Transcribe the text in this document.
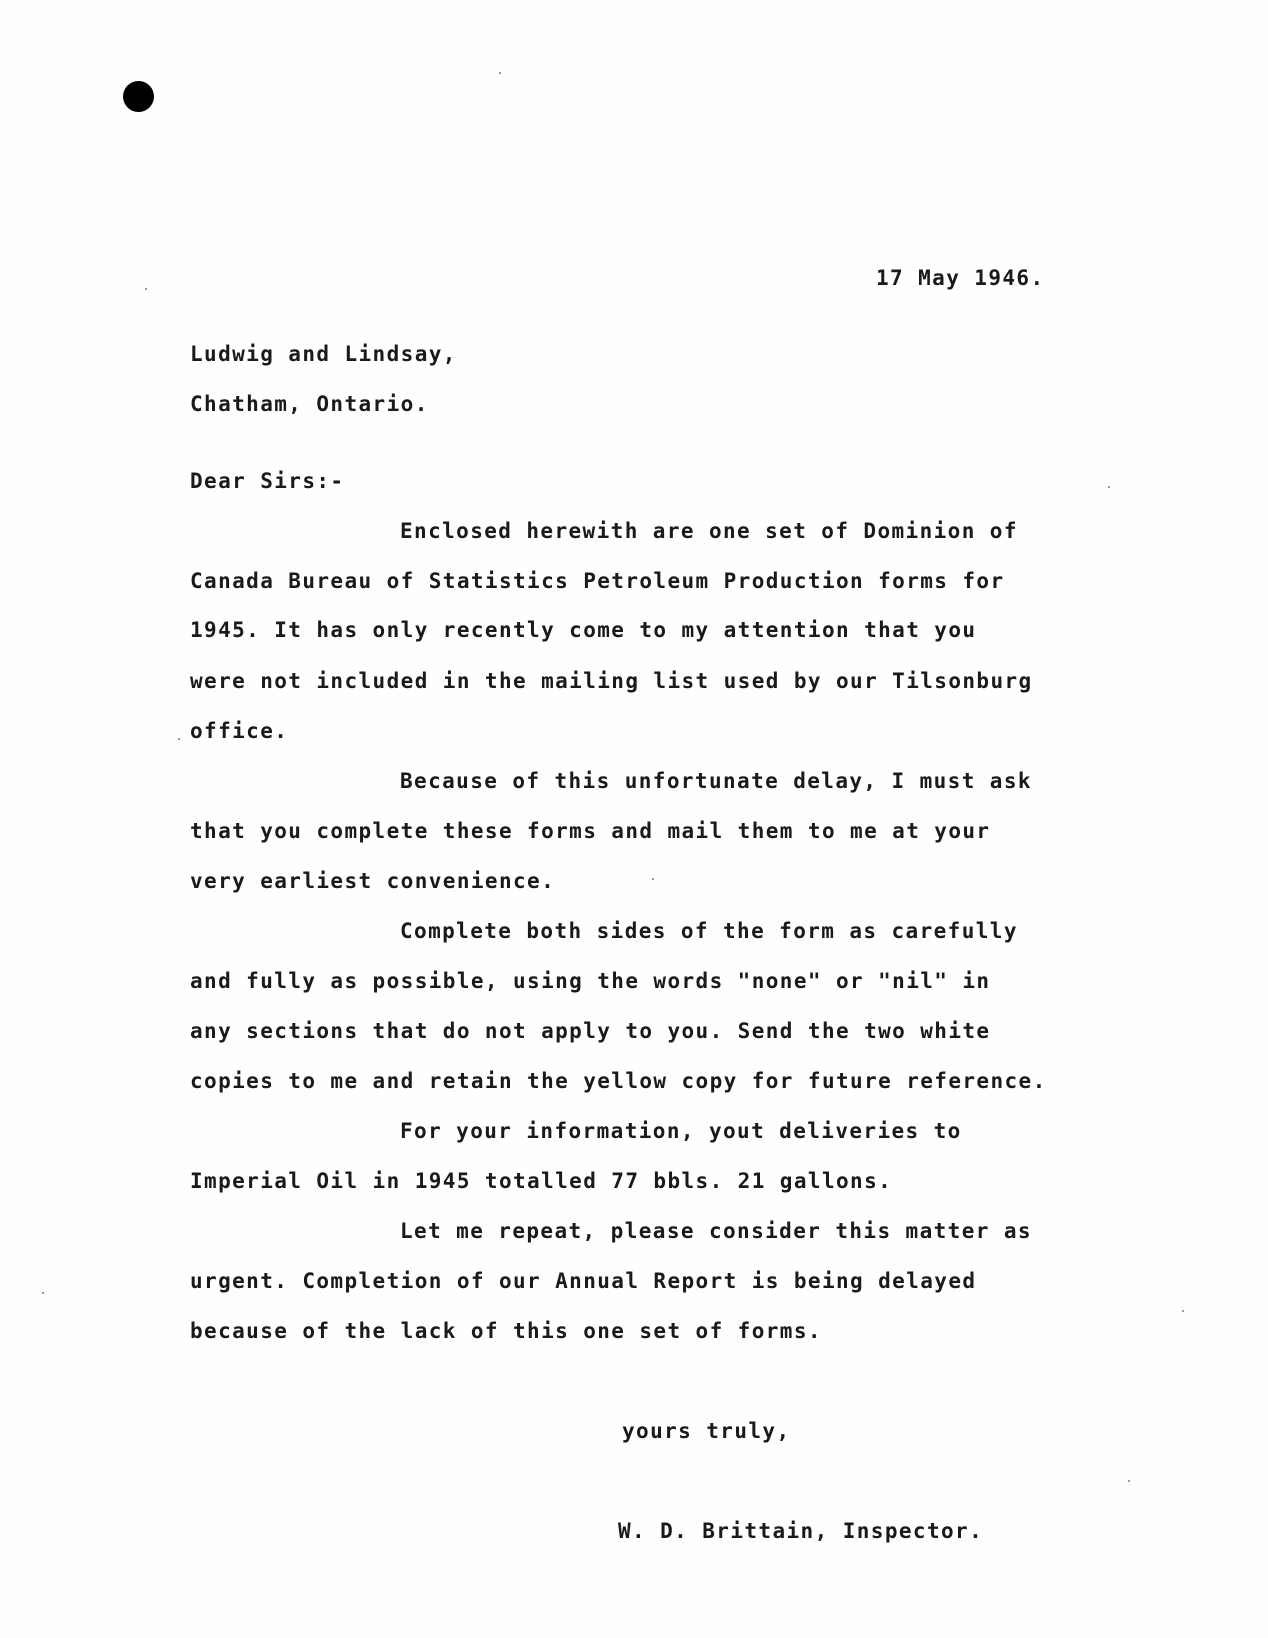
17 May 1946.
Ludwig and Lindsay,
Chatham, Ontario.
Dear Sirs:-
Enclosed herewith are one set of Dominion of
Canada Bureau of Statistics Petroleum Production forms for
1945. It has only recently come to my attention that you
were not included in the mailing list used by our Tilsonburg
office.
Because of this unfortunate delay, I must ask
that you complete these forms and mail them to me at your
very earliest convenience.
Complete both sides of the form as carefully
and fully as possible, using the words "none" or "nil" in
any sections that do not apply to you. Send the two white
copies to me and retain the yellow copy for future reference.
For your information, yout deliveries to
Imperial Oil in 1945 totalled 77 bbls. 21 gallons.
Let me repeat, please consider this matter as
urgent. Completion of our Annual Report is being delayed
because of the lack of this one set of forms.
yours truly,
W. D. Brittain, Inspector.
